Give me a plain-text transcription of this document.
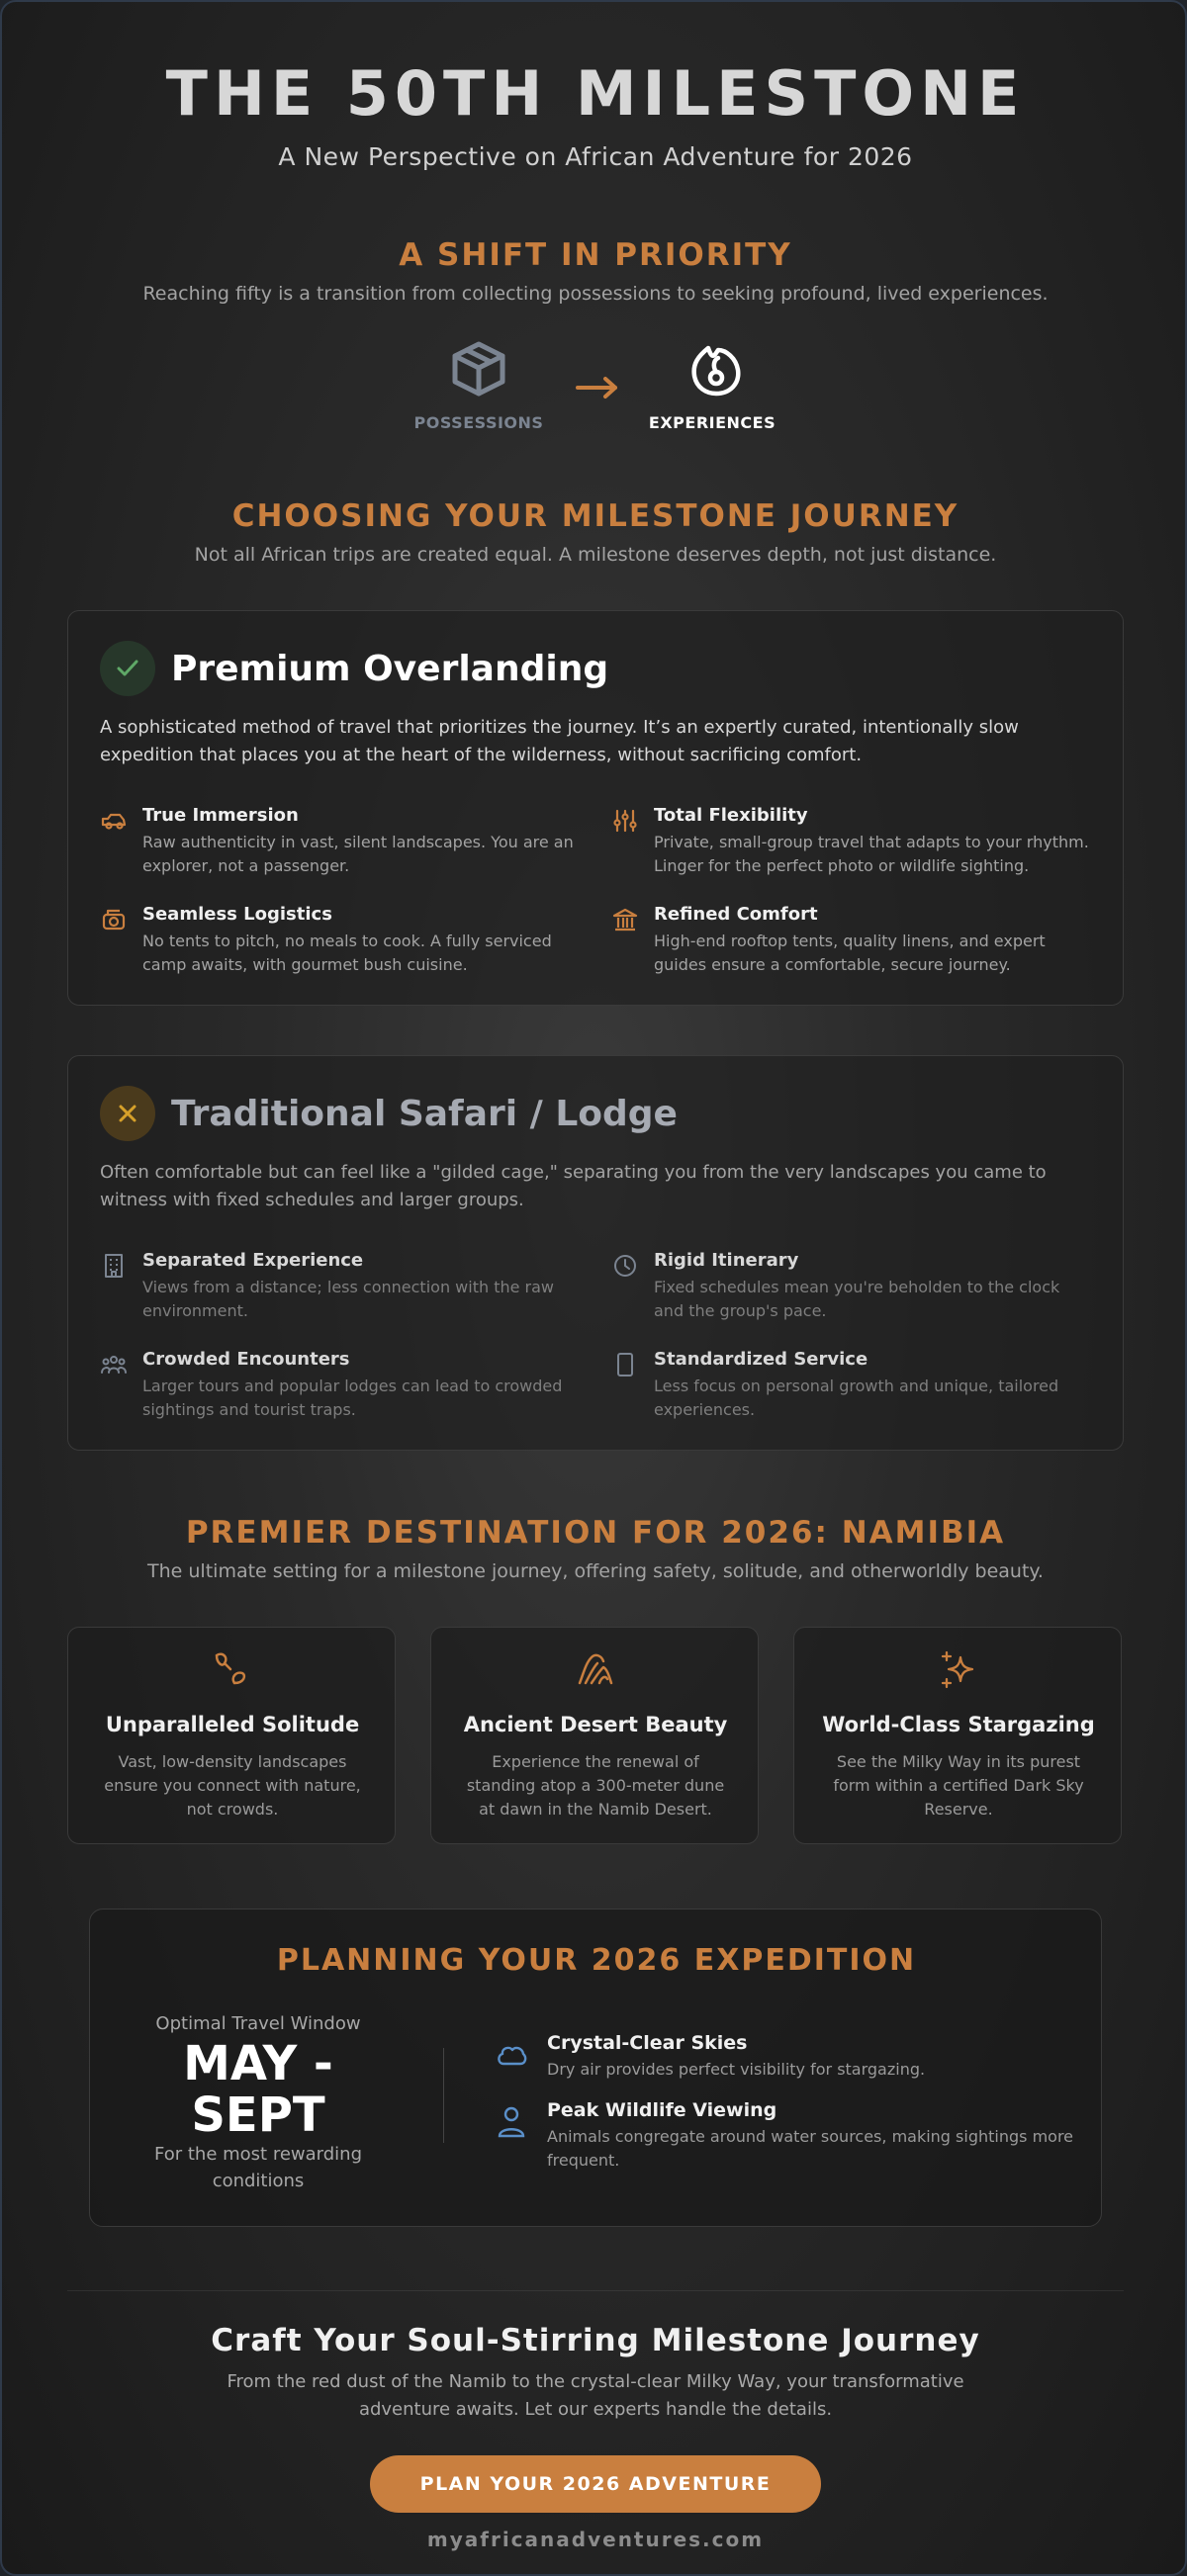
THE 50TH MILESTONE
A New Perspective on African Adventure for 2026
A SHIFT IN PRIORITY
Reaching fifty is a transition from collecting possessions to seeking profound, lived experiences.
POSSESSIONS	EXPERIENCES
CHOOSING YOUR MILESTONE JOURNEY
Not all African trips are created equal. A milestone deserves depth, not just distance.
Premium Overlanding
A sophisticated method of travel that prioritizes the journey. It’s an expertly curated, intentionally slow expedition that places you at the heart of the wilderness, without sacrificing comfort.
True Immersion
Raw authenticity in vast, silent landscapes. You are an explorer, not a passenger.
Total Flexibility
Private, small-group travel that adapts to your rhythm. Linger for the perfect photo or wildlife sighting.
Seamless Logistics
No tents to pitch, no meals to cook. A fully serviced camp awaits, with gourmet bush cuisine.
Refined Comfort
High-end rooftop tents, quality linens, and expert guides ensure a comfortable, secure journey.
Traditional Safari / Lodge
Often comfortable but can feel like a "gilded cage," separating you from the very landscapes you came to witness with fixed schedules and larger groups.
Separated Experience
Views from a distance; less connection with the raw environment.
Rigid Itinerary
Fixed schedules mean you're beholden to the clock and the group's pace.
Crowded Encounters
Larger tours and popular lodges can lead to crowded sightings and tourist traps.
Standardized Service
Less focus on personal growth and unique, tailored experiences.
PREMIER DESTINATION FOR 2026: NAMIBIA
The ultimate setting for a milestone journey, offering safety, solitude, and otherworldly beauty.
Unparalleled Solitude
Vast, low-density landscapes ensure you connect with nature, not crowds.
Ancient Desert Beauty
Experience the renewal of standing atop a 300-meter dune at dawn in the Namib Desert.
World-Class Stargazing
See the Milky Way in its purest form within a certified Dark Sky Reserve.
PLANNING YOUR 2026 EXPEDITION
Optimal Travel Window
MAY - SEPT
For the most rewarding conditions
Crystal-Clear Skies
Dry air provides perfect visibility for stargazing.
Peak Wildlife Viewing
Animals congregate around water sources, making sightings more frequent.
Craft Your Soul-Stirring Milestone Journey
From the red dust of the Namib to the crystal-clear Milky Way, your transformative adventure awaits. Let our experts handle the details.
PLAN YOUR 2026 ADVENTURE
myafricanadventures.com
